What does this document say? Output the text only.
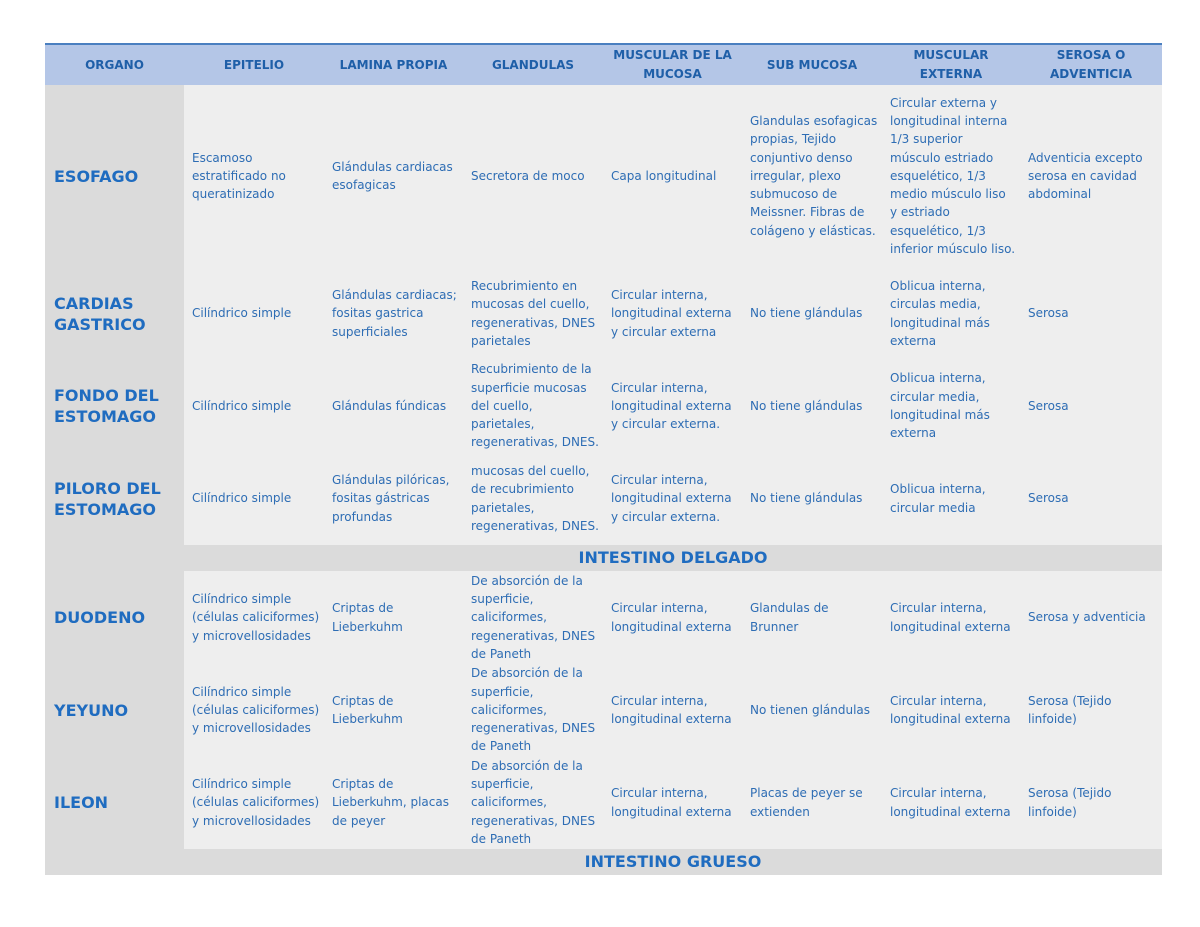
ORGANO	EPITELIO	LAMINA PROPIA	GLANDULAS	MUSCULAR DE LA MUCOSA	SUB MUCOSA	MUSCULAR EXTERNA	SEROSA O ADVENTICIA
ESOFAGO	Escamoso estratificado no queratinizado	Glándulas cardiacas esofagicas	Secretora de moco	Capa longitudinal	Glandulas esofagicas propias, Tejido conjuntivo denso irregular, plexo submucoso de Meissner. Fibras de colágeno y elásticas.	Circular externa y longitudinal interna 1/3 superior músculo estriado esquelético, 1/3 medio músculo liso y estriado esquelético, 1/3 inferior músculo liso.	Adventicia excepto serosa en cavidad abdominal
CARDIAS GASTRICO	Cilíndrico simple	Glándulas cardiacas; fositas gastrica superficiales	Recubrimiento en mucosas del cuello, regenerativas, DNES parietales	Circular interna, longitudinal externa y circular externa	No tiene glándulas	Oblicua interna, circulas media, longitudinal más externa	Serosa
FONDO DEL ESTOMAGO	Cilíndrico simple	Glándulas fúndicas	Recubrimiento de la superficie mucosas del cuello, parietales, regenerativas, DNES.	Circular interna, longitudinal externa y circular externa.	No tiene glándulas	Oblicua interna, circular media, longitudinal más externa	Serosa
PILORO DEL ESTOMAGO	Cilíndrico simple	Glándulas pilóricas, fositas gástricas profundas	mucosas del cuello, de recubrimiento parietales, regenerativas, DNES.	Circular interna, longitudinal externa y circular externa.	No tiene glándulas	Oblicua interna, circular media	Serosa
	INTESTINO DELGADO						
DUODENO	Cilíndrico simple (células caliciformes) y microvellosidades	Criptas de Lieberkuhm	De absorción de la superficie, caliciformes, regenerativas, DNES de Paneth	Circular interna, longitudinal externa	Glandulas de Brunner	Circular interna, longitudinal externa	Serosa y adventicia
YEYUNO	Cilíndrico simple (células caliciformes) y microvellosidades	Criptas de Lieberkuhm	De absorción de la superficie, caliciformes, regenerativas, DNES de Paneth	Circular interna, longitudinal externa	No tienen glándulas	Circular interna, longitudinal externa	Serosa (Tejido linfoide)
ILEON	Cilíndrico simple (células caliciformes) y microvellosidades	Criptas de Lieberkuhm, placas de peyer	De absorción de la superficie, caliciformes, regenerativas, DNES de Paneth	Circular interna, longitudinal externa	Placas de peyer se extienden	Circular interna, longitudinal externa	Serosa (Tejido linfoide)
	INTESTINO GRUESO						
